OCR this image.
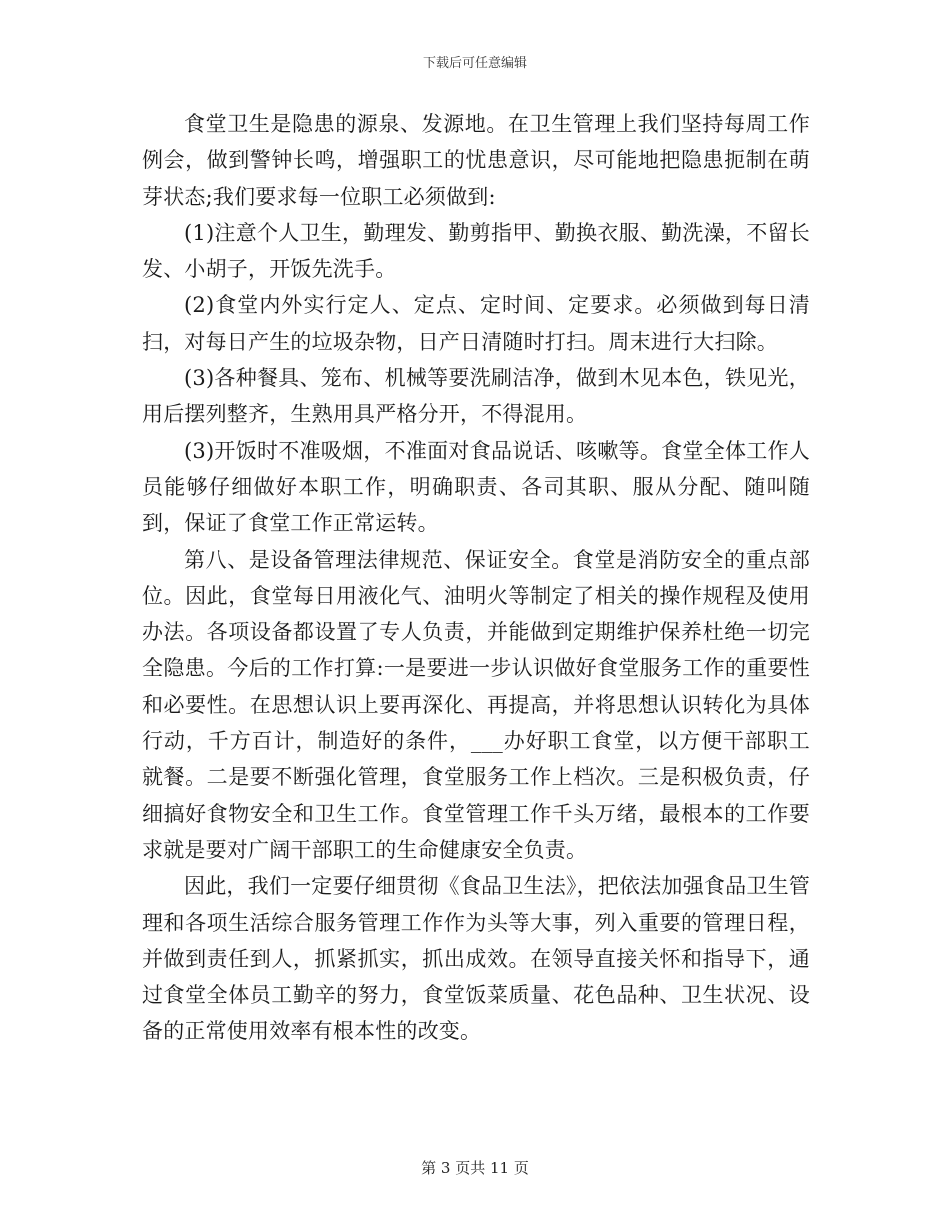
下载后可任意编辑

食堂卫生是隐患的源泉、发源地。在卫生管理上我们坚持每周工作例会，做到警钟长鸣，增强职工的忧患意识，尽可能地把隐患扼制在萌芽状态;我们要求每一位职工必须做到:

(1)注意个人卫生，勤理发、勤剪指甲、勤换衣服、勤洗澡，不留长发、小胡子，开饭先洗手。

(2)食堂内外实行定人、定点、定时间、定要求。必须做到每日清扫，对每日产生的垃圾杂物，日产日清随时打扫。周末进行大扫除。

(3)各种餐具、笼布、机械等要洗刷洁净，做到木见本色，铁见光，用后摆列整齐，生熟用具严格分开，不得混用。

(3)开饭时不准吸烟，不准面对食品说话、咳嗽等。食堂全体工作人员能够仔细做好本职工作，明确职责、各司其职、服从分配、随叫随到，保证了食堂工作正常运转。

第八、是设备管理法律规范、保证安全。食堂是消防安全的重点部位。因此，食堂每日用液化气、油明火等制定了相关的操作规程及使用办法。各项设备都设置了专人负责，并能做到定期维护保养杜绝一切完全隐患。今后的工作打算:一是要进一步认识做好食堂服务工作的重要性和必要性。在思想认识上要再深化、再提高，并将思想认识转化为具体行动，千方百计，制造好的条件，___办好职工食堂，以方便干部职工就餐。二是要不断强化管理，食堂服务工作上档次。三是积极负责，仔细搞好食物安全和卫生工作。食堂管理工作千头万绪，最根本的工作要求就是要对广阔干部职工的生命健康安全负责。

因此，我们一定要仔细贯彻《食品卫生法》，把依法加强食品卫生管理和各项生活综合服务管理工作作为头等大事，列入重要的管理日程，并做到责任到人，抓紧抓实，抓出成效。在领导直接关怀和指导下，通过食堂全体员工勤辛的努力，食堂饭菜质量、花色品种、卫生状况、设备的正常使用效率有根本性的改变。

第 3 页共 11 页
